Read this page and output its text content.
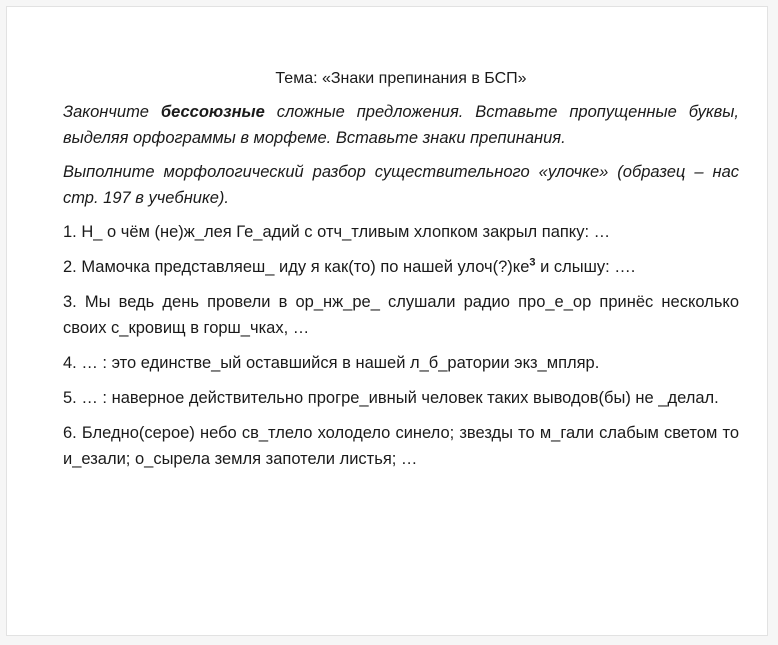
Тема: «Знаки препинания в БСП»
Закончите бессоюзные сложные предложения. Вставьте пропущенные буквы, выделяя орфограммы в морфеме. Вставьте знаки препинания.
Выполните морфологический разбор существительного «улочке» (образец – нас стр. 197 в учебнике).
1. Н_ о чём (не)ж_лея Ге_адий с отч_тливым хлопком закрыл папку: …
2. Мамочка представляеш_ иду я как(то) по нашей $улоч(?)ке^3$ и слышу: ….
3. Мы ведь день провели в ор_нж_ре_ слушали радио про_е_ор принёс несколько своих с_кровищ в горш_чках, …
4. … : это единстве_ый оставшийся в нашей л_б_ратории экз_мпляр.
5. … : наверное действительно прогре_ивный человек таких выводов(бы) не _делал.
6. Бледно(серое) небо св_тлело холодело синело; звезды то м_гали слабым светом то и_езали; о_сырела земля запотели листья; …
